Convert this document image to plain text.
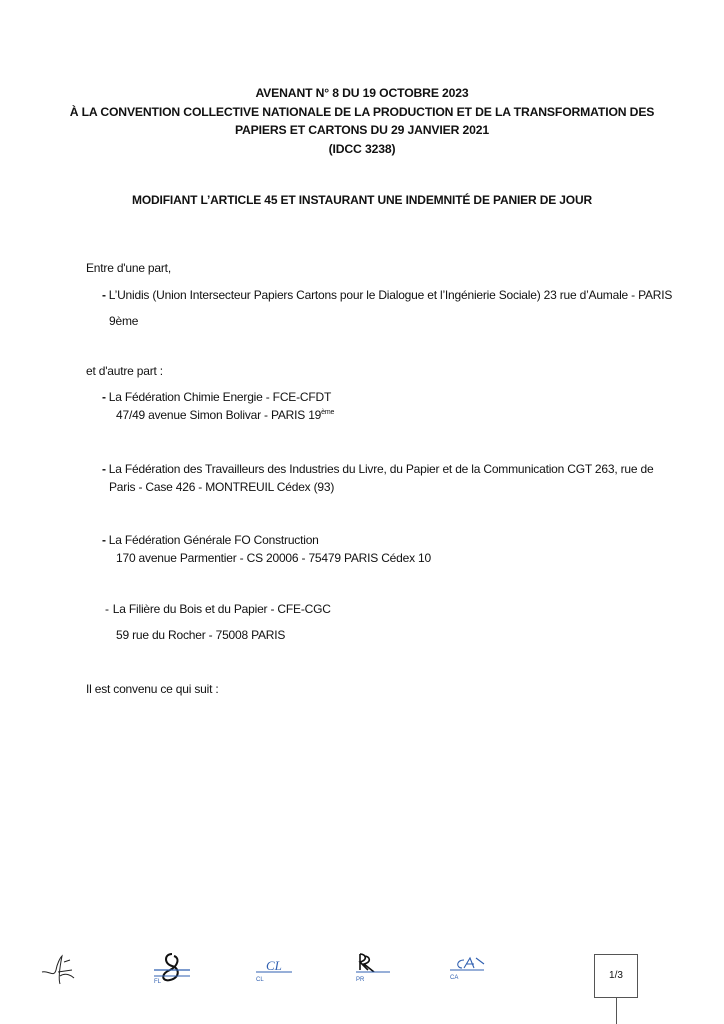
AVENANT N° 8 DU 19 OCTOBRE 2023
À LA CONVENTION COLLECTIVE NATIONALE DE LA PRODUCTION ET DE LA TRANSFORMATION DES
PAPIERS ET CARTONS DU 29 JANVIER 2021
(IDCC 3238)
MODIFIANT L’ARTICLE 45 ET INSTAURANT UNE INDEMNITÉ DE PANIER DE JOUR
Entre d'une part,
- L’Unidis (Union Intersecteur Papiers Cartons pour le Dialogue et l’Ingénierie Sociale) 23 rue d’Aumale - PARIS
9ème
et d'autre part :
- La Fédération Chimie Energie - FCE-CFDT
47/49 avenue Simon Bolivar - PARIS 19ème
- La Fédération des Travailleurs des Industries du Livre, du Papier et de la Communication CGT 263, rue de
Paris - Case 426 - MONTREUIL Cédex (93)
- La Fédération Générale FO Construction
170 avenue Parmentier - CS 20006 - 75479 PARIS Cédex 10
- La Filière du Bois et du Papier - CFE-CGC
59 rue du Rocher - 75008 PARIS
Il est convenu ce qui suit :
FL
CL
CL	PR	CA	1/3
